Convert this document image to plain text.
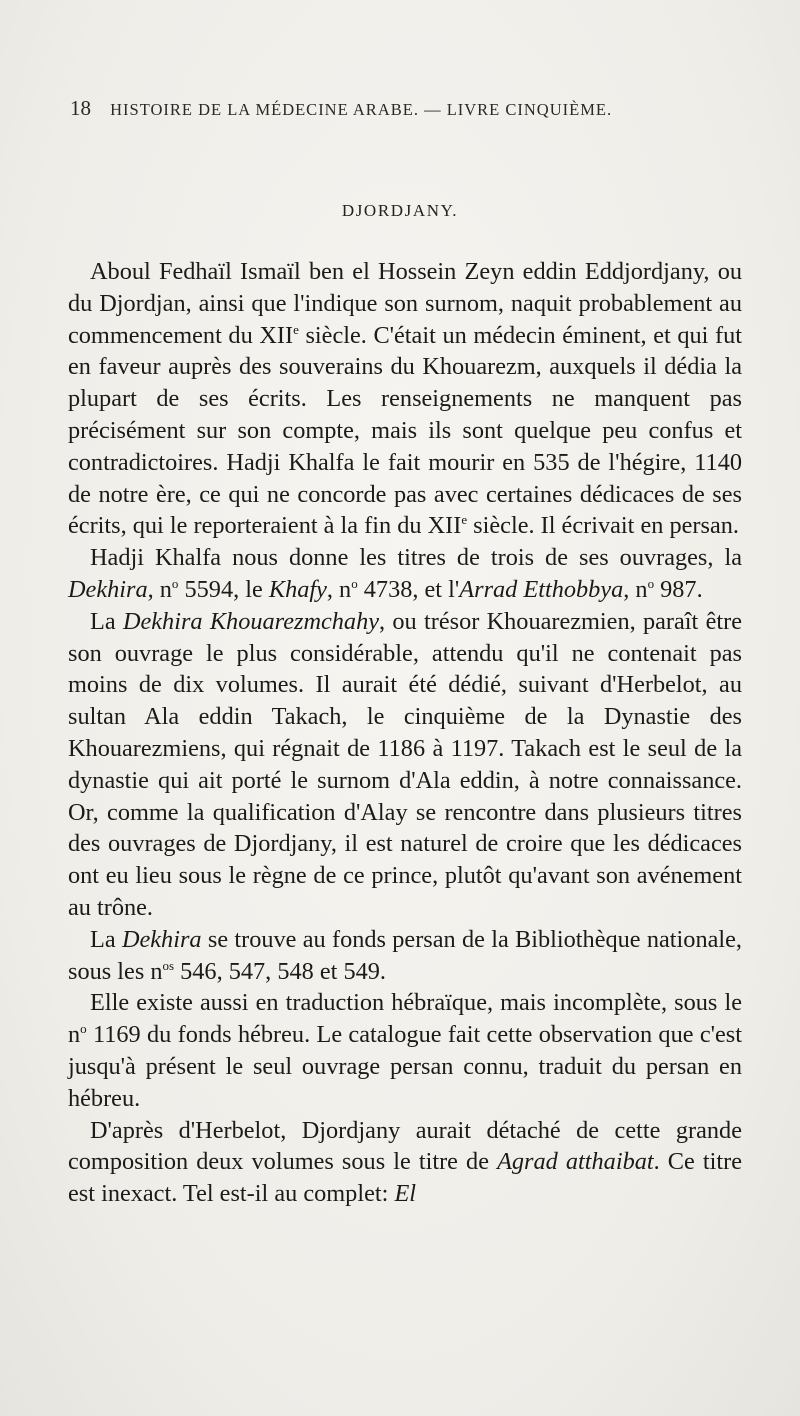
18 HISTOIRE DE LA MÉDECINE ARABE. — LIVRE CINQUIÈME.
DJORDJANY.

Aboul Fedhaïl Ismaïl ben el Hossein Zeyn eddin Eddjordjany, ou du Djordjan, ainsi que l'indique son surnom, naquit probablement au commencement du XIIe siècle. C'était un médecin éminent, et qui fut en faveur auprès des souverains du Khouarezm, auxquels il dédia la plupart de ses écrits. Les renseignements ne manquent pas précisément sur son compte, mais ils sont quelque peu confus et contradictoires. Hadji Khalfa le fait mourir en 535 de l'hégire, 1140 de notre ère, ce qui ne concorde pas avec certaines dédicaces de ses écrits, qui le reporteraient à la fin du XIIe siècle. Il écrivait en persan.

Hadji Khalfa nous donne les titres de trois de ses ouvrages, la Dekhira, $n^o$ 5594, le Khafy, $n^o$ 4738, et l'Arrad Etthobbya, $n^o$ 987.

La Dekhira Khouarezmchahy, ou trésor Khouarezmien, paraît être son ouvrage le plus considérable, attendu qu'il ne contenait pas moins de dix volumes. Il aurait été dédié, suivant d'Herbelot, au sultan Ala eddin Takach, le cinquième de la Dynastie des Khouarezmiens, qui régnait de 1186 à 1197. Takach est le seul de la dynastie qui ait porté le surnom d'Ala eddin, à notre connaissance. Or, comme la qualification d'Alay se rencontre dans plusieurs titres des ouvrages de Djordjany, il est naturel de croire que les dédicaces ont eu lieu sous le règne de ce prince, plutôt qu'avant son avénement au trône.

La Dekhira se trouve au fonds persan de la Bibliothèque nationale, sous les $n^{os}$ 546, 547, 548 et 549.

Elle existe aussi en traduction hébraïque, mais incomplète, sous le $n^o$ 1169 du fonds hébreu. Le catalogue fait cette observation que c'est jusqu'à présent le seul ouvrage persan connu, traduit du persan en hébreu.

D'après d'Herbelot, Djordjany aurait détaché de cette grande composition deux volumes sous le titre de Agrad atthaibat. Ce titre est inexact. Tel est-il au complet: El
